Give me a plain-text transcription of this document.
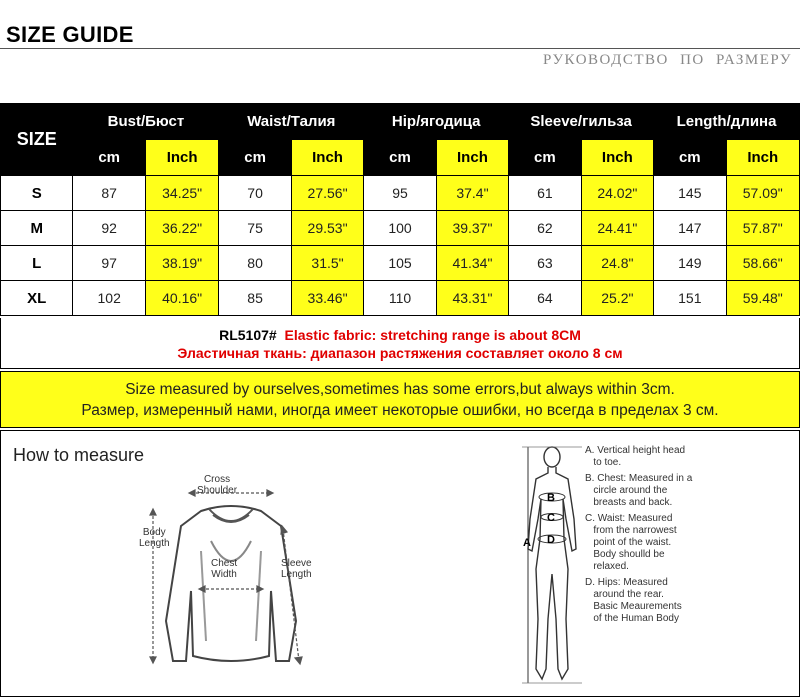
SIZE GUIDE
РУКОВОДСТВО ПО РАЗМЕРУ
SIZE	Bust/Бюст		Waist/Талия		Hip/ягодица		Sleeve/гильза		Length/длина	
	cm	Inch	cm	Inch	cm	Inch	cm	Inch	cm	Inch
S	87	34.25"	70	27.56"	95	37.4"	61	24.02"	145	57.09"
M	92	36.22"	75	29.53"	100	39.37"	62	24.41"	147	57.87"
L	97	38.19"	80	31.5"	105	41.34"	63	24.8"	149	58.66"
XL	102	40.16"	85	33.46"	110	43.31"	64	25.2"	151	59.48"
RL5107# Elastic fabric: stretching range is about 8CM
Эластичная ткань: диапазон растяжения составляет около 8 см
Size measured by ourselves,sometimes has some errors,but always within 3cm.
Размер, измеренный нами, иногда имеет некоторые ошибки, но всегда в пределах 3 см.
How to measure
Cross
Shoulder
Body
Length
Chest
Width
Sleeve
Length
A
B
C
D

A. Vertical height head
to toe.

B. Chest: Measured in a
circle around the
breasts and back.

C. Waist: Measured
from the narrowest
point of the waist.
Body shoulld be
relaxed.

D. Hips: Measured
around the rear.
Basic Meaurements
of the Human Body
